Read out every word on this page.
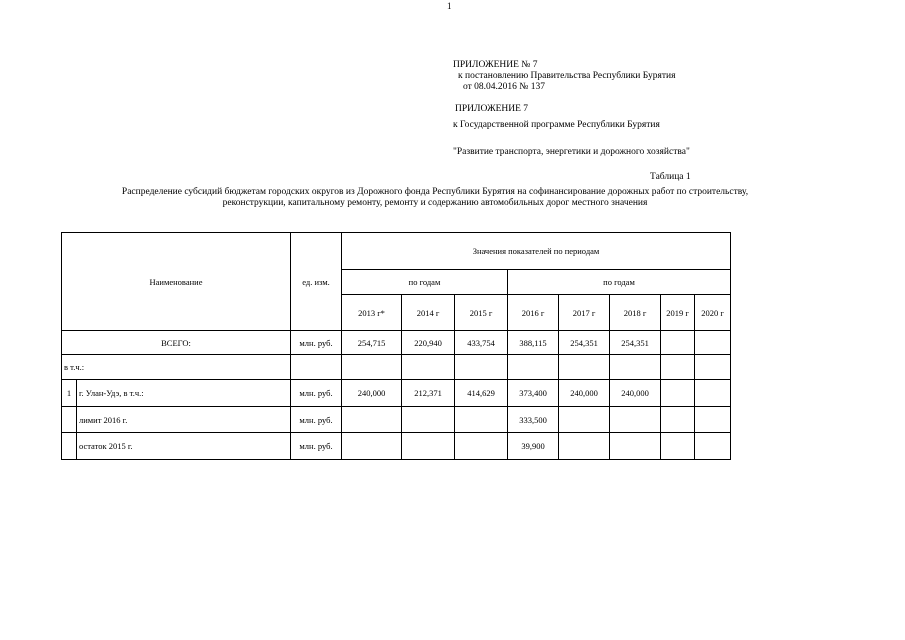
1
ПРИЛОЖЕНИЕ № 7
к постановлению Правительства Республики Бурятия
от 08.04.2016 № 137
ПРИЛОЖЕНИЕ 7
к Государственной программе Республики Бурятия
"Развитие транспорта, энергетики и дорожного хозяйства"
Таблица 1
Распределение субсидий бюджетам городских округов из Дорожного фонда Республики Бурятия на софинансирование дорожных работ по строительству,
реконструкции, капитальному ремонту, ремонту и содержанию автомобильных дорог местного значения
Наименование		ед. изм.	Значения показателей по периодам							
			по годам			по годам				
			2013 г*	2014 г	2015 г	2016 г	2017 г	2018 г	2019 г	2020 г
ВСЕГО:		млн. руб.	254,715	220,940	433,754	388,115	254,351	254,351		
в т.ч.:										
1	г. Улан-Удэ, в т.ч.:	млн. руб.	240,000	212,371	414,629	373,400	240,000	240,000		
	лимит 2016 г.	млн. руб.				333,500				
	остаток 2015 г.	млн. руб.				39,900				
